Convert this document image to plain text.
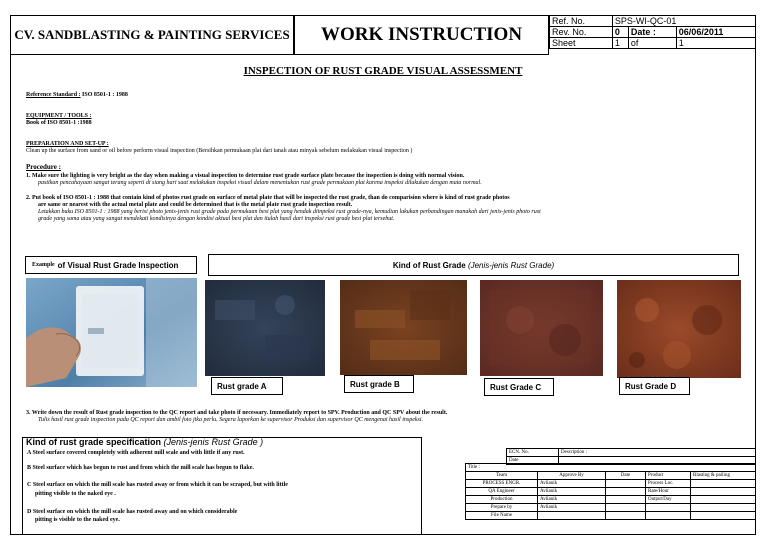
CV. SANDBLASTING & PAINTING SERVICES	WORK INSTRUCTION
Ref. No.	SPS-WI-QC-01		
Rev. No.	0	Date :	06/06/2011
Sheet	1	of	1
INSPECTION OF RUST GRADE VISUAL ASSESSMENT
Reference Standard : ISO 8501-1 : 1988
EQUIPMENT / TOOLS :
Book of ISO 8501-1 :1988
PREPARATION AND SET-UP :
Clean up the surface from sand or oil before perform visual inspection (Bersihkan permukaan plat dari tanah atau minyak sebelum melakukan visual inspection )
Procedure :
1. Make sure the lighting is very bright as the day when making a visual inspection to determine rust grade surface plate because the inspection is doing with normal vision.
pastikan pencahayaan sangat terang seperti di siang hari saat melakukan inspeksi visual dalam menentukan rust grade permukaan plat karena inspeksi dilakukan dengan mata normal.
2. Put book of ISO 8501-1 : 1988 that contain kind of photos rust grade on surface of metal plate that will be inspected the rust grade, than do comparision where is kind of rust grade photos
are same or nearest with the actual metal plate and could be determined that is the metal plate rust grade inspection result.
Letakkan buku ISO 8501-1 : 1988 yang berisi photo jenis-jenis rust grade pada permukaan besi plat yang hendak diinpeksi rust grade-nya, kemudian lakukan perbandingan manakah dari jenis-jenis photo rust
grade yang sama atau yang sangat mendekati kondisinya dengan kondisi aktual besi plat dan itulah hasil dari inspeksi rust grade besi plat tersebut.
Example of Visual Rust Grade Inspection	Kind of Rust Grade
(Jenis-jenis Rust Grade)
Rust grade A	Rust grade B	Rust Grade C	Rust Grade D
3. Write down the result of Rust grade inspection to the QC report and take photo if necessary. Immediately report to SPV. Production and QC SPV about the result.
Tulis hasil rust grade inspection pada QC report dan ambil foto jika perlu. Segera laporkan ke supervisor Produksi dan supervisor QC mengenai hasil inspeksi.
Kind of rust grade specification (Jenis-jenis Rust Grade )
A Steel surface covered completely with adherent mill scale and with little if any rust.
B Steel surface which has begun to rust and from which the mill scale has begun to flake.
C Steel surface on which the mill scale has rusted away or from which it can be scraped, but with little
pitting visible to the naked eye .
D Steel surface on which the mill scale has rusted away and on which considerable
pitting is visible to the naked eye.
ECN. No.	Description :
Date	
Title :				
Team	Approve By	Date	Product	Blasting & pailing
PROCESS ENGR.	Avlianik		Process Loc.	
QA Engineer	Avlianik		Rate/Hour	
Production	Avlianik		Output/Day	
Prepare by	Avlianik			
File Name				
